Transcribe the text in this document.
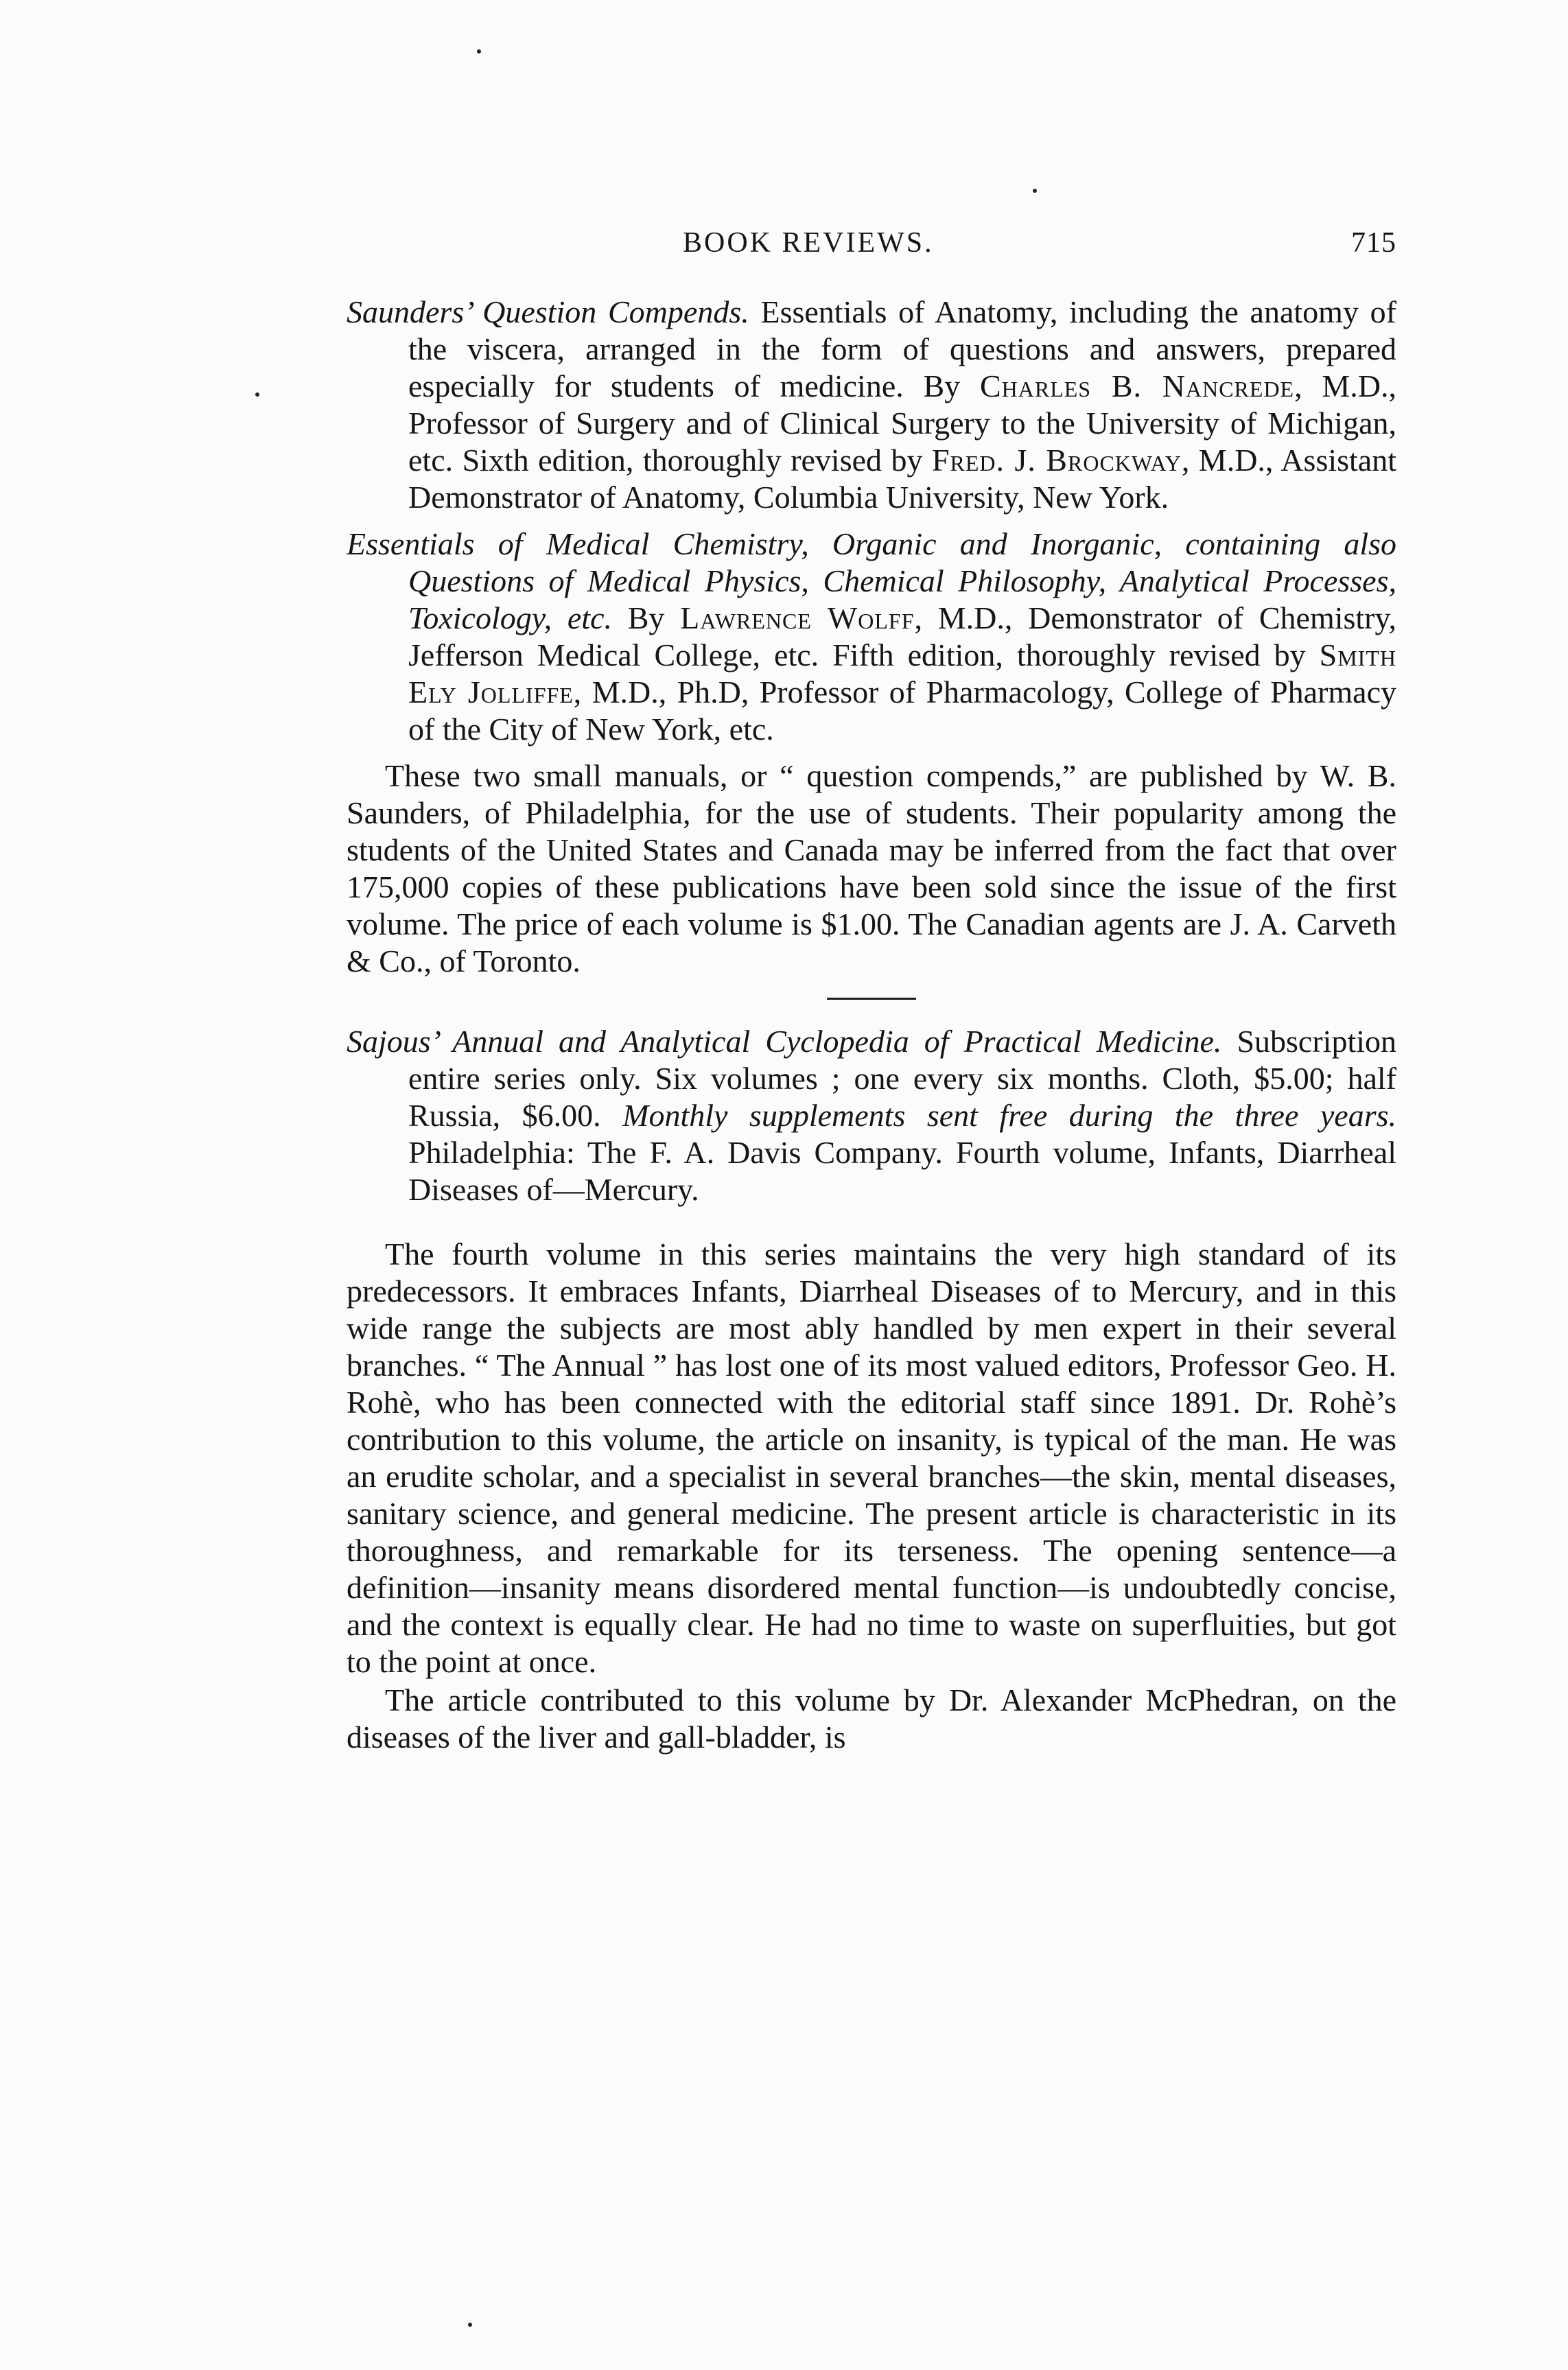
BOOK REVIEWS.	715

Saunders’ Question Compends. Essentials of Anatomy, including the anatomy of the viscera, arranged in the form of questions and answers, prepared especially for students of medicine. By Charles B. Nancrede, M.D., Professor of Surgery and of Clinical Surgery to the University of Michigan, etc. Sixth edition, thoroughly revised by Fred. J. Brockway, M.D., Assistant Demonstrator of Anatomy, Columbia University, New York.

Essentials of Medical Chemistry, Organic and Inorganic, containing also Questions of Medical Physics, Chemical Philosophy, Analytical Processes, Toxicology, etc. By Lawrence Wolff, M.D., Demonstrator of Chemistry, Jefferson Medical College, etc. Fifth edition, thoroughly revised by Smith Ely Jolliffe, M.D., Ph.D, Professor of Pharmacology, College of Pharmacy of the City of New York, etc.

These two small manuals, or “ question compends,” are published by W. B. Saunders, of Philadelphia, for the use of students. Their popularity among the students of the United States and Canada may be inferred from the fact that over 175,000 copies of these publications have been sold since the issue of the first volume. The price of each volume is $1.00. The Canadian agents are J. A. Carveth & Co., of Toronto.

Sajous’ Annual and Analytical Cyclopedia of Practical Medicine. Subscription entire series only. Six volumes ; one every six months. Cloth, $5.00; half Russia, $6.00. Monthly supplements sent free during the three years. Philadelphia: The F. A. Davis Company. Fourth volume, Infants, Diarrheal Diseases of—Mercury.

The fourth volume in this series maintains the very high standard of its predecessors. It embraces Infants, Diarrheal Diseases of to Mercury, and in this wide range the subjects are most ably handled by men expert in their several branches. “ The Annual ” has lost one of its most valued editors, Professor Geo. H. Rohè, who has been connected with the editorial staff since 1891. Dr. Rohè’s contribution to this volume, the article on insanity, is typical of the man. He was an erudite scholar, and a specialist in several branches—the skin, mental diseases, sanitary science, and general medicine. The present article is characteristic in its thoroughness, and remarkable for its terseness. The opening sentence—a definition—insanity means disordered mental function—is undoubtedly concise, and the context is equally clear. He had no time to waste on superfluities, but got to the point at once.

The article contributed to this volume by Dr. Alexander McPhedran, on the diseases of the liver and gall-bladder, is
